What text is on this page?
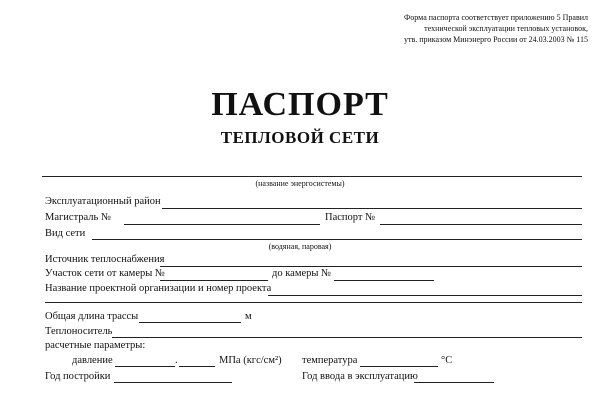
Форма паспорта соответствует приложению 5 Правил
технической эксплуатации тепловых установок,
утв. приказом Минэнерго России от 24.03.2003 № 115
ПАСПОРТ
ТЕПЛОВОЙ СЕТИ
(название энергосистемы)
Эксплуатационный район
Магистраль №	Паспорт №
Вид сети
(водяная, паровая)
Источник теплоснабжения
Участок сети от камеры №	до камеры №
Название проектной организации и номер проекта
Общая длина трассы	м
Теплоноситель
расчетные параметры:
давление	.	МПа (кгс/см²) температура	°С
Год постройки	Год ввода в эксплуатацию
